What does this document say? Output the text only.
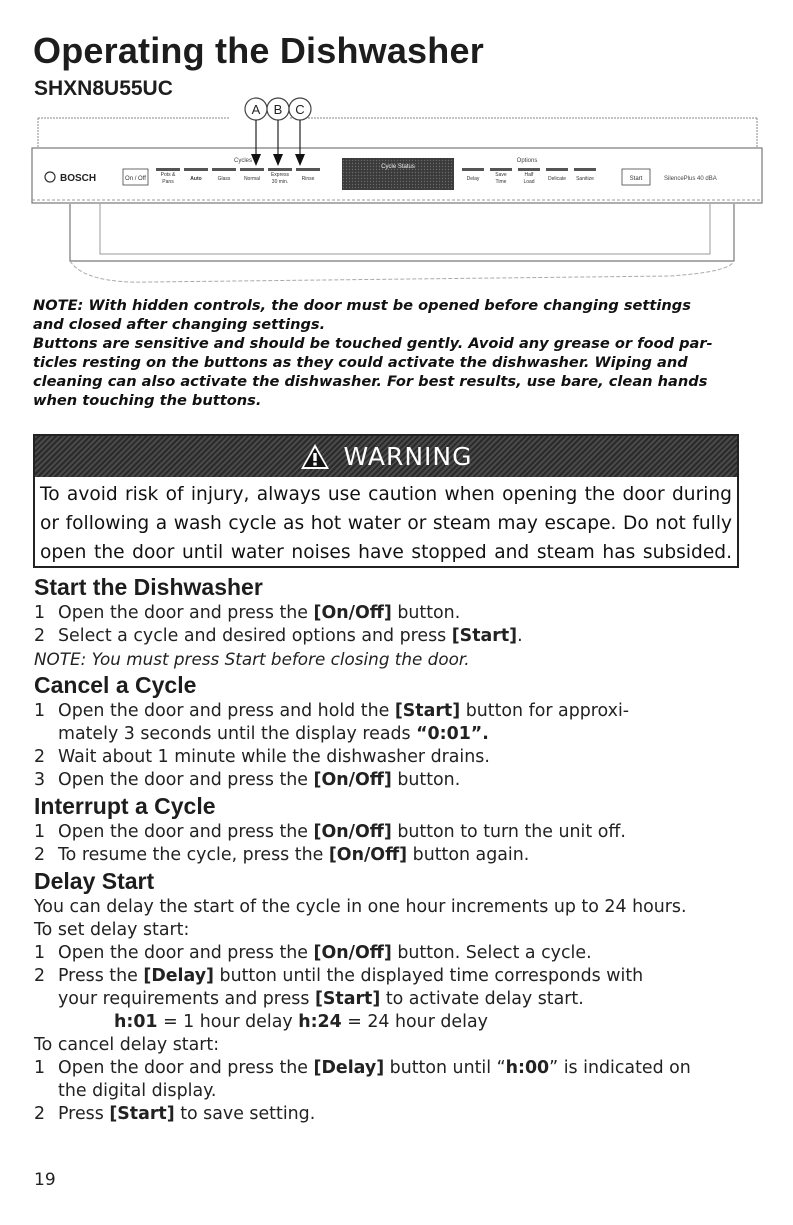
Operating the Dishwasher
SHXN8U55UC
A B C
BOSCH	On / Off
Cycles
Pots &
Pans	Auto	Glass	Normal
Express
30 min.	Rinse
Cycle Status
Options
Delay
Save
Time
Half
Load	Delicate Sanitize	Start	SilencePlus 40 dBA

NOTE: With hidden controls, the door must be opened before changing settings

and closed after changing settings.

Buttons are sensitive and should be touched gently. Avoid any grease or food par-

ticles resting on the buttons as they could activate the dishwasher. Wiping and

cleaning can also activate the dishwasher. For best results, use bare, clean hands

when touching the buttons.

WARNING

To avoid risk of injury, always use caution when opening the door during
or following a wash cycle as hot water or steam may escape. Do not fully
open the door until water noises have stopped and steam has subsided.

Start the Dishwasher
1 Open the door and press the [On/Off] button.
2 Select a cycle and desired options and press [Start].
NOTE: You must press Start before closing the door.
Cancel a Cycle
1 Open the door and press and hold the [Start] button for approxi-
mately 3 seconds until the display reads “0:01”.
2 Wait about 1 minute while the dishwasher drains.
3 Open the door and press the [On/Off] button.
Interrupt a Cycle
1 Open the door and press the [On/Off] button to turn the unit off.
2 To resume the cycle, press the [On/Off] button again.
Delay Start
You can delay the start of the cycle in one hour increments up to 24 hours.
To set delay start:
1 Open the door and press the [On/Off] button. Select a cycle.
2 Press the [Delay] button until the displayed time corresponds with
your requirements and press [Start] to activate delay start.
h:01 = 1 hour delay h:24 = 24 hour delay
To cancel delay start:
1 Open the door and press the [Delay] button until “h:00” is indicated on
the digital display.
2 Press [Start] to save setting.
19
